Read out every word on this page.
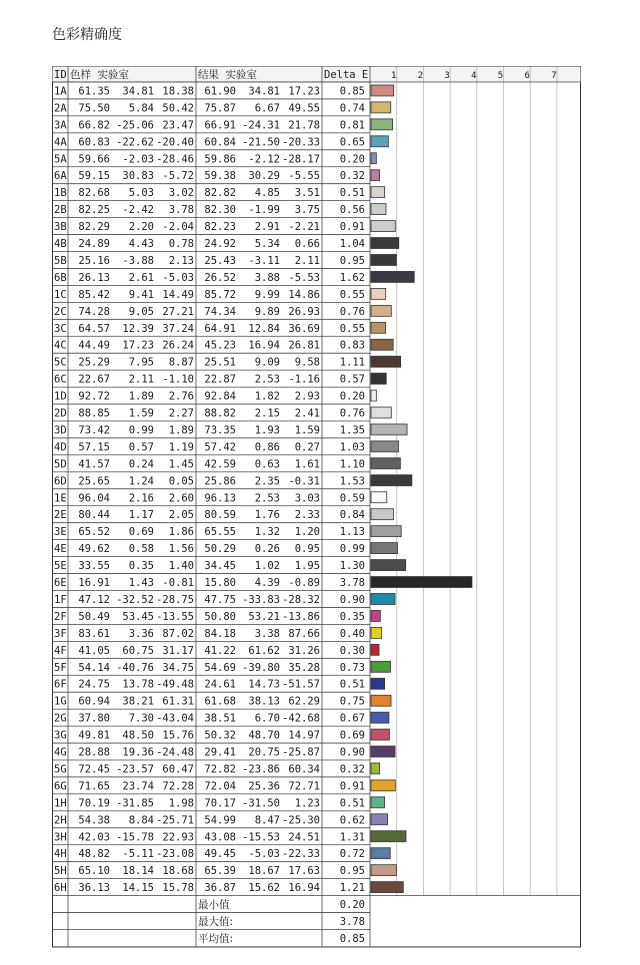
色彩精确度
ID 色样 实验室	结果 实验室	Delta E	1 2 3 4 5 6 7
1A 61.35 34.81 18.38 61.90 34.81 17.23 0.85
2A 75.50 5.84 50.42 75.87 6.67 49.55 0.74
3A 66.82 -25.06 23.47 66.91 -24.31 21.78 0.81
4A 60.83 -22.62 -20.40 60.84 -21.50 -20.33 0.65
5A 59.66 -2.03 -28.46 59.86 -2.12 -28.17 0.20
6A 59.15 30.83 -5.72 59.38 30.29 -5.55 0.32
1B 82.68 5.03 3.02 82.82 4.85 3.51 0.51
2B 82.25 -2.42 3.78 82.30 -1.99 3.75 0.56
3B 82.29 2.20 -2.04 82.23 2.91 -2.21 0.91
4B 24.89 4.43 0.78 24.92 5.34 0.66 1.04
5B 25.16 -3.88 2.13 25.43 -3.11 2.11 0.95
6B 26.13 2.61 -5.03 26.52 3.88 -5.53 1.62
1C 85.42 9.41 14.49 85.72 9.99 14.86 0.55
2C 74.28 9.05 27.21 74.34 9.89 26.93 0.76
3C 64.57 12.39 37.24 64.91 12.84 36.69 0.55
4C 44.49 17.23 26.24 45.23 16.94 26.81 0.83
5C 25.29 7.95 8.87 25.51 9.09 9.58 1.11
6C 22.67 2.11 -1.10 22.87 2.53 -1.16 0.57
1D 92.72 1.89 2.76 92.84 1.82 2.93 0.20
2D 88.85 1.59 2.27 88.82 2.15 2.41 0.76
3D 73.42 0.99 1.89 73.35 1.93 1.59 1.35
4D 57.15 0.57 1.19 57.42 0.86 0.27 1.03
5D 41.57 0.24 1.45 42.59 0.63 1.61 1.10
6D 25.65 1.24 0.05 25.86 2.35 -0.31 1.53
1E 96.04 2.16 2.60 96.13 2.53 3.03 0.59
2E 80.44 1.17 2.05 80.59 1.76 2.33 0.84
3E 65.52 0.69 1.86 65.55 1.32 1.20 1.13
4E 49.62 0.58 1.56 50.29 0.26 0.95 0.99
5E 33.55 0.35 1.40 34.45 1.02 1.95 1.30
6E 16.91 1.43 -0.81 15.80 4.39 -0.89 3.78
1F 47.12 -32.52 -28.75 47.75 -33.83 -28.32 0.90
2F 50.49 53.45 -13.55 50.80 53.21 -13.86 0.35
3F 83.61 3.36 87.02 84.18 3.38 87.66 0.40
4F 41.05 60.75 31.17 41.22 61.62 31.26 0.30
5F 54.14 -40.76 34.75 54.69 -39.80 35.28 0.73
6F 24.75 13.78 -49.48 24.61 14.73 -51.57 0.51
1G 60.94 38.21 61.31 61.68 38.13 62.29 0.75
2G 37.80 7.30 -43.04 38.51 6.70 -42.68 0.67
3G 49.81 48.50 15.76 50.32 48.70 14.97 0.69
4G 28.88 19.36 -24.48 29.41 20.75 -25.87 0.90
5G 72.45 -23.57 60.47 72.82 -23.86 60.34 0.32
6G 71.65 23.74 72.28 72.04 25.36 72.71 0.91
1H 70.19 -31.85 1.98 70.17 -31.50 1.23 0.51
2H 54.38 8.84 -25.71 54.99 8.47 -25.30 0.62
3H 42.03 -15.78 22.93 43.08 -15.53 24.51 1.31
4H 48.82 -5.11 -23.08 49.45 -5.03 -22.33 0.72
5H 65.10 18.14 18.68 65.39 18.67 17.63 0.95
6H 36.13 14.15 15.78 36.87 15.62 16.94 1.21
最小值	0.20
最大值:	3.78
平均值:	0.85
